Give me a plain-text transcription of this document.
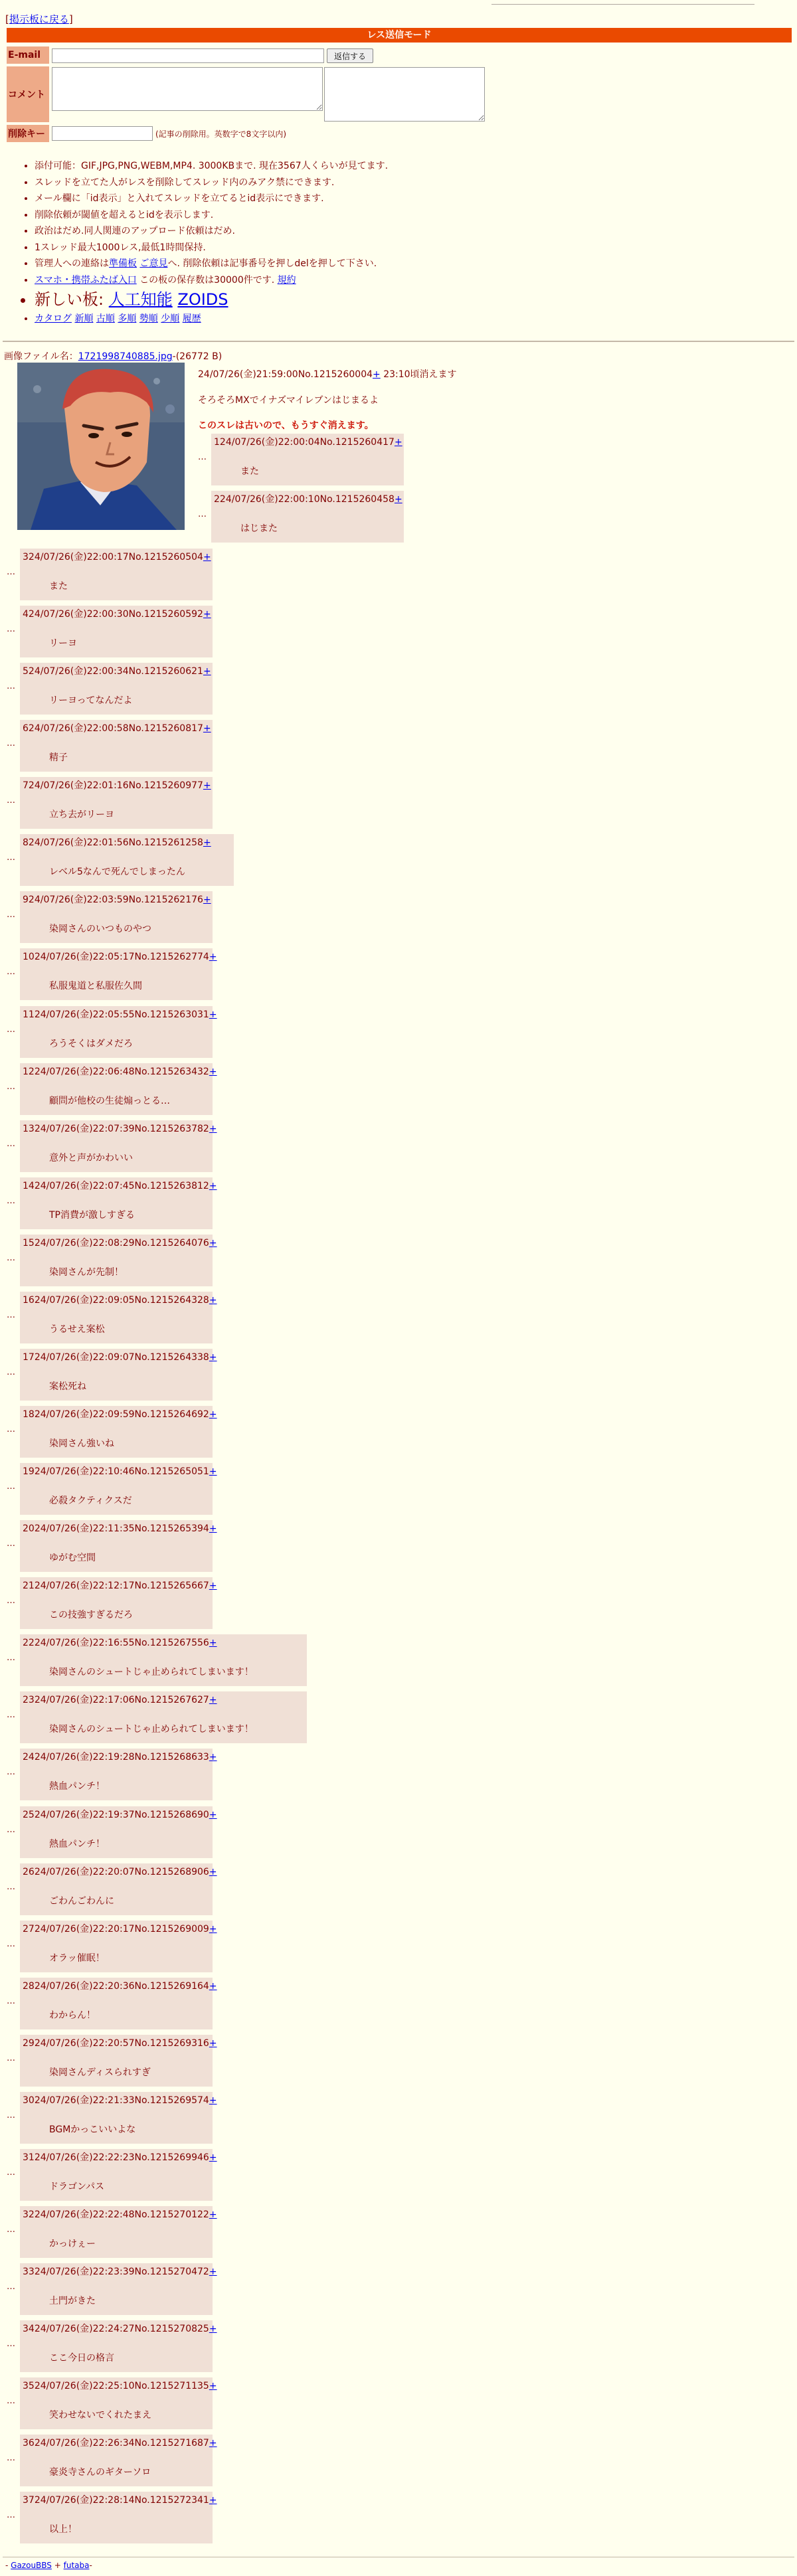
[掲示板に戻る]
レス送信モード
E-mail	返信する
コメント
削除キー	(記事の削除用。英数字で8文字以内)
• 添付可能：GIF,JPG,PNG,WEBM,MP4. 3000KBまで. 現在3567人くらいが見てます.
• スレッドを立てた人がレスを削除してスレッド内のみアク禁にできます.
• メール欄に「id表示」と入れてスレッドを立てるとid表示にできます.
• 削除依頼が閾値を超えるとidを表示します.
• 政治はだめ.同人関連のアップロード依頼はだめ.
• 1スレッド最大1000レス,最低1時間保持.
• 管理人への連絡は準備板 ご意見へ. 削除依頼は記事番号を押しdelを押して下さい.
• スマホ・携帯ふたば入口 この板の保存数は30000件です. 規約
• 新しい板: 人工知能 ZOIDS
• カタログ 新順 古順 多順 勢順 少順 履歴
画像ファイル名：1721998740885.jpg-(26772 B)
24/07/26(金)21:59:00No.1215260004+ 23:10頃消えます
そろそろMXでイナズマイレブンはじまるよ
このスレは古いので、もうすぐ消えます。
…
124/07/26(金)22:00:04No.1215260417+
また
…
224/07/26(金)22:00:10No.1215260458+
はじまた
…
324/07/26(金)22:00:17No.1215260504+
また
…
424/07/26(金)22:00:30No.1215260592+
リーヨ
…
524/07/26(金)22:00:34No.1215260621+
リーヨってなんだよ
…
624/07/26(金)22:00:58No.1215260817+
精子
…
724/07/26(金)22:01:16No.1215260977+
立ち去がリーヨ
…
824/07/26(金)22:01:56No.1215261258+
レベル5なんで死んでしまったん
…
924/07/26(金)22:03:59No.1215262176+
染岡さんのいつものやつ
…
1024/07/26(金)22:05:17No.1215262774+
私服鬼道と私服佐久間
…
1124/07/26(金)22:05:55No.1215263031+
ろうそくはダメだろ
…
1224/07/26(金)22:06:48No.1215263432+
顧問が他校の生徒煽っとる…
…
1324/07/26(金)22:07:39No.1215263782+
意外と声がかわいい
…
1424/07/26(金)22:07:45No.1215263812+
TP消費が激しすぎる
…
1524/07/26(金)22:08:29No.1215264076+
染岡さんが先制！
…
1624/07/26(金)22:09:05No.1215264328+
うるせえ案松
…
1724/07/26(金)22:09:07No.1215264338+
案松死ね
…
1824/07/26(金)22:09:59No.1215264692+
染岡さん強いね
…
1924/07/26(金)22:10:46No.1215265051+
必殺タクティクスだ
…
2024/07/26(金)22:11:35No.1215265394+
ゆがむ空間
…
2124/07/26(金)22:12:17No.1215265667+
この技強すぎるだろ
…
2224/07/26(金)22:16:55No.1215267556+
染岡さんのシュートじゃ止められてしまいます！
…
2324/07/26(金)22:17:06No.1215267627+
染岡さんのシュートじゃ止められてしまいます！
…
2424/07/26(金)22:19:28No.1215268633+
熱血パンチ！
…
2524/07/26(金)22:19:37No.1215268690+
熱血パンチ！
…
2624/07/26(金)22:20:07No.1215268906+
ごわんごわんに
…
2724/07/26(金)22:20:17No.1215269009+
オラッ催眠！
…
2824/07/26(金)22:20:36No.1215269164+
わからん！
…
2924/07/26(金)22:20:57No.1215269316+
染岡さんディスられすぎ
…
3024/07/26(金)22:21:33No.1215269574+
BGMかっこいいよな
…
3124/07/26(金)22:22:23No.1215269946+
ドラゴンパス
…
3224/07/26(金)22:22:48No.1215270122+
かっけぇー
…
3324/07/26(金)22:23:39No.1215270472+
土門がきた
…
3424/07/26(金)22:24:27No.1215270825+
ここ今日の格言
…
3524/07/26(金)22:25:10No.1215271135+
笑わせないでくれたまえ
…
3624/07/26(金)22:26:34No.1215271687+
豪炎寺さんのギターソロ
…
3724/07/26(金)22:28:14No.1215272341+
以上！
- GazouBBS + futaba-
